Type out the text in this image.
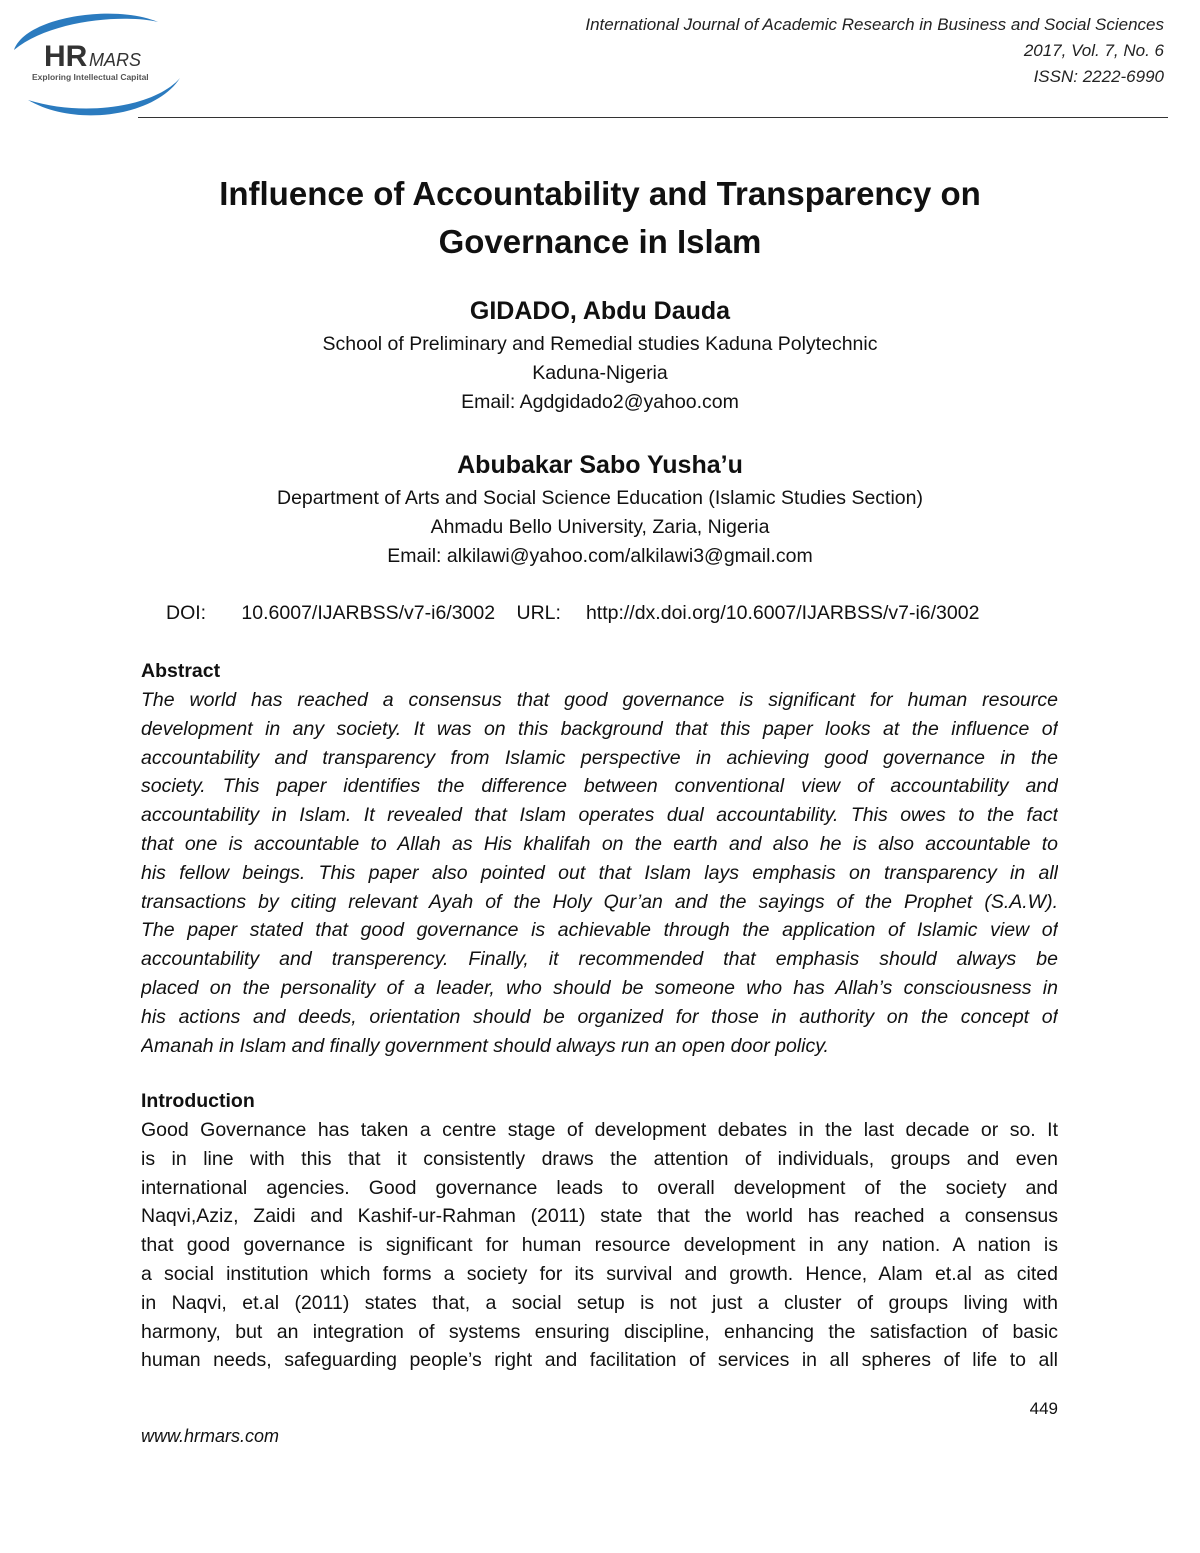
HR MARS
Exploring Intellectual Capital
International Journal of Academic Research in Business and Social Sciences
2017, Vol. 7, No. 6
ISSN: 2222-6990
Influence of Accountability and Transparency on
Governance in Islam
GIDADO, Abdu Dauda
School of Preliminary and Remedial studies Kaduna Polytechnic
Kaduna-Nigeria
Email: Agdgidado2@yahoo.com
Abubakar Sabo Yusha’u
Department of Arts and Social Science Education (Islamic Studies Section)
Ahmadu Bello University, Zaria, Nigeria
Email: alkilawi@yahoo.com/alkilawi3@gmail.com
DOI: 10.6007/IJARBSS/v7-i6/3002 URL: http://dx.doi.org/10.6007/IJARBSS/v7-i6/3002
Abstract
The world has reached a consensus that good governance is significant for human resource
development in any society. It was on this background that this paper looks at the influence of
accountability and transparency from Islamic perspective in achieving good governance in the
society. This paper identifies the difference between conventional view of accountability and
accountability in Islam. It revealed that Islam operates dual accountability. This owes to the fact
that one is accountable to Allah as His khalifah on the earth and also he is also accountable to
his fellow beings. This paper also pointed out that Islam lays emphasis on transparency in all
transactions by citing relevant Ayah of the Holy Qur’an and the sayings of the Prophet (S.A.W).
The paper stated that good governance is achievable through the application of Islamic view of
accountability and transperency. Finally, it recommended that emphasis should always be
placed on the personality of a leader, who should be someone who has Allah’s consciousness in
his actions and deeds, orientation should be organized for those in authority on the concept of
Amanah in Islam and finally government should always run an open door policy.
Introduction
Good Governance has taken a centre stage of development debates in the last decade or so. It
is in line with this that it consistently draws the attention of individuals, groups and even
international agencies. Good governance leads to overall development of the society and
Naqvi,Aziz, Zaidi and Kashif-ur-Rahman (2011) state that the world has reached a consensus
that good governance is significant for human resource development in any nation. A nation is
a social institution which forms a society for its survival and growth. Hence, Alam et.al as cited
in Naqvi, et.al (2011) states that, a social setup is not just a cluster of groups living with
harmony, but an integration of systems ensuring discipline, enhancing the satisfaction of basic
human needs, safeguarding people’s right and facilitation of services in all spheres of life to all
449
www.hrmars.com
